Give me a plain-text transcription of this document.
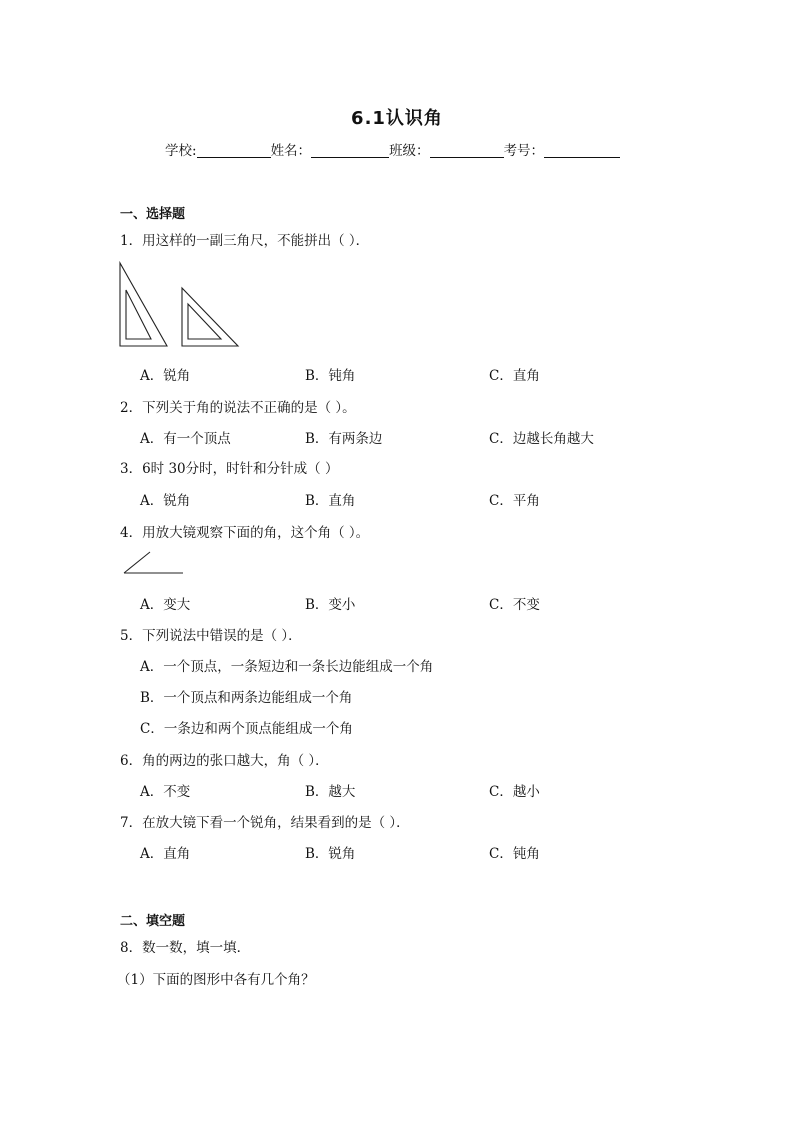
6.1认识角
学校:	姓名：	班级：	考号：
一、选择题
1．用这样的一副三角尺，不能拼出（ ）．
A．锐角	B．钝角	C．直角
2．下列关于角的说法不正确的是（ ）。
A．有一个顶点	B．有两条边	C．边越长角越大
3．6时 30分时，时针和分针成（ ）
A．锐角	B．直角	C．平角
4．用放大镜观察下面的角，这个角（ ）。
A．变大	B．变小	C．不变
5．下列说法中错误的是（ ）．
A．一个顶点，一条短边和一条长边能组成一个角
B．一个顶点和两条边能组成一个角
C．一条边和两个顶点能组成一个角
6．角的两边的张口越大，角（ ）．
A．不变	B．越大	C．越小
7．在放大镜下看一个锐角，结果看到的是（ ）．
A．直角	B．锐角	C．钝角
二、填空题
8．数一数，填一填．
（1）下面的图形中各有几个角？
